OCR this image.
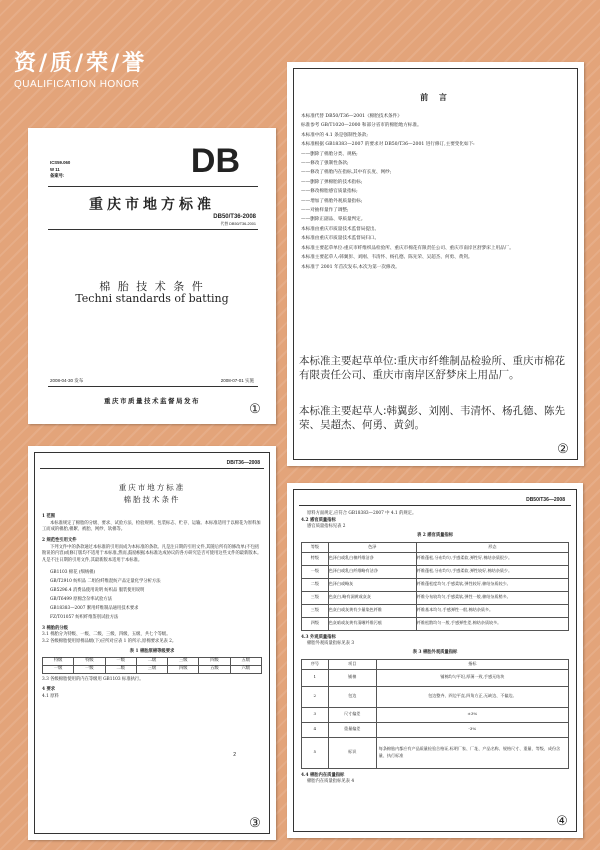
资/质/荣/誉
QUALIFICATION HONOR
ICS59.060
W 11
备案号:	DB
重庆市地方标准
DB50/T36-2008
代替 DB50/T36-2001
棉 胎 技 术 条 件
Techni standards of batting
2008-04-30 发布	2008-07-01 实施
重庆市质量技术监督局发布	①
前 言
本标准代替 DB50/T36—2001《棉胎技术条件》
标准参考 GB/T1020—2000 和部分省市的棉胎地方标准。
本标准中的 4.1 条是强制性条款;
本标准根据 GB18383—2007 的要求对 DB50/T36—2001 进行修订,主要变化如下:
——删除了棉胎分类、规格;
——修改了强制性条款;
——修改了棉胎内在指标,其中有长度、网纱;
——删除了弹棉胎的技术指标;
——修改棉胎感官质量指标;
——增加了棉胎外观质量指标;
——对抽样量作了调整;
——删除正副品、零质量判定。
本标准由重庆市质量技术监督局提出。
本标准由重庆市质量技术监督局归口。
本标准主要起草单位:重庆市纤维织品检验所、重庆市棉花有限责任公司、重庆市南岸区舒梦床上用品厂。
本标准主要起草人:韩翼彭、刘刚、韦清怀、杨孔德、陈先荣、吴超杰、何勇、黄剑。
本标准于 2001 年首次发布,本次为第一次修改。
本标准主要起草单位:重庆市纤维制品检验所、重庆市棉花有限责任公司、重庆市南岸区舒梦床上用品厂。
本标准主要起草人:韩翼彭、刘刚、韦清怀、杨孔德、陈先荣、吴超杰、何勇、黄剑。
②
DB/T36—2008
重庆市地方标准
棉胎技术条件
1 范围
本标准规定了棉胎的分级、要求、试验方法、检验规则、包装标志、贮存、运输。本标准适用于以棉花为原料加工而成的棉胎,棉絮、被胎、网纱、软棉等。
2 规范性引用文件
下列文件中的条款通过本标准的引用而成为本标准的条款。凡是注日期的引用文件,其随后所有的修改单(不包括勘误的内容)或修订版均不适用于本标准,然而,鼓励根据本标准达成协议的各方研究是否可使用这些文件的最新版本。凡是不注日期的引用文件,其最新版本适用于本标准。
GB1103 棉花 (细绒棉)
GB/T2910 纺织品 二组份纤维混纺产品定量化学分析方法
GB5296.4 消费品使用说明 纺织品 服装使用说明
GB/T6499 原棉含杂率试验方法
GB18383—2007 絮用纤维制品通用技术要求
FZ/T01057 纺织纤维鉴别试验方法
3 棉胎的分级
3.1 棉胎分为特级、一级、二级、三级、四级、五级、共七个等级。
3.2 各级棉胎使用原棉品级(下)应所对应表 1 的所示,原棉要求见表 2。
表 1 棉胎原棉等级要求
特级	特级	一级	二级	三级	四级	五级
一级	一级	二级	三级	四级	五级	六级
3.3 各级棉胎使用的内在等级用 GB1103 标准执行。
4 要求
4.1 原料
2
③
DB50/T36—2008
原料方面规定,应符合 GB18383—2007 中 4.1 的规定。
4.2 感官质量指标
感官质量指标见表 2
表 2 感官质量指标
等级	色泽	形态
特级	色泽白或乳白棉纤维洁净	纤维蓬松,分布均匀,手感柔软,弹性好,棉结杂质很少。
一级	色泽白或乳白纤维略有洁净	纤维蓬松,分布均匀,手感柔软,弹性较好,棉结杂质少。
二级	色泽白或略灰	纤维蓬松度均匀,手感柔软,弹性较好,棉结杂质较少。
三级	色灰白,略有洞黄或灰灰	纤维分布较均匀,手感柔软,弹性一般,棉结杂质稍多。
三级	色灰白或灰黄有少量染色纤维	纤维基本均匀,手感弹性一般,棉结杂质多。
四级	色灰暗或灰黄有清晰纤维污痕	纤维松散均匀一般,手感弹性差,棉结杂质较多。
4.3 外观质量指标
棉胎外观质量指标见表 3
表 3 棉胎外观质量指标
序号	项目	指标
1	铺棉	铺棉均匀平坦,厚薄一致,手感无结块
2	包边	包边整齐、四边平直,四角方正,无缺边、不偏边。
3	尺寸偏差	±3%
4	重量偏差	-3%
5	标识	每条棉胎内都应有产品质量检验合格证,标明厂家、厂址、产品名称、规格尺寸、重量、等级、成份含量、执行标准
4.4 棉胎内在质量指标
棉胎内在质量指标见表 4
④
